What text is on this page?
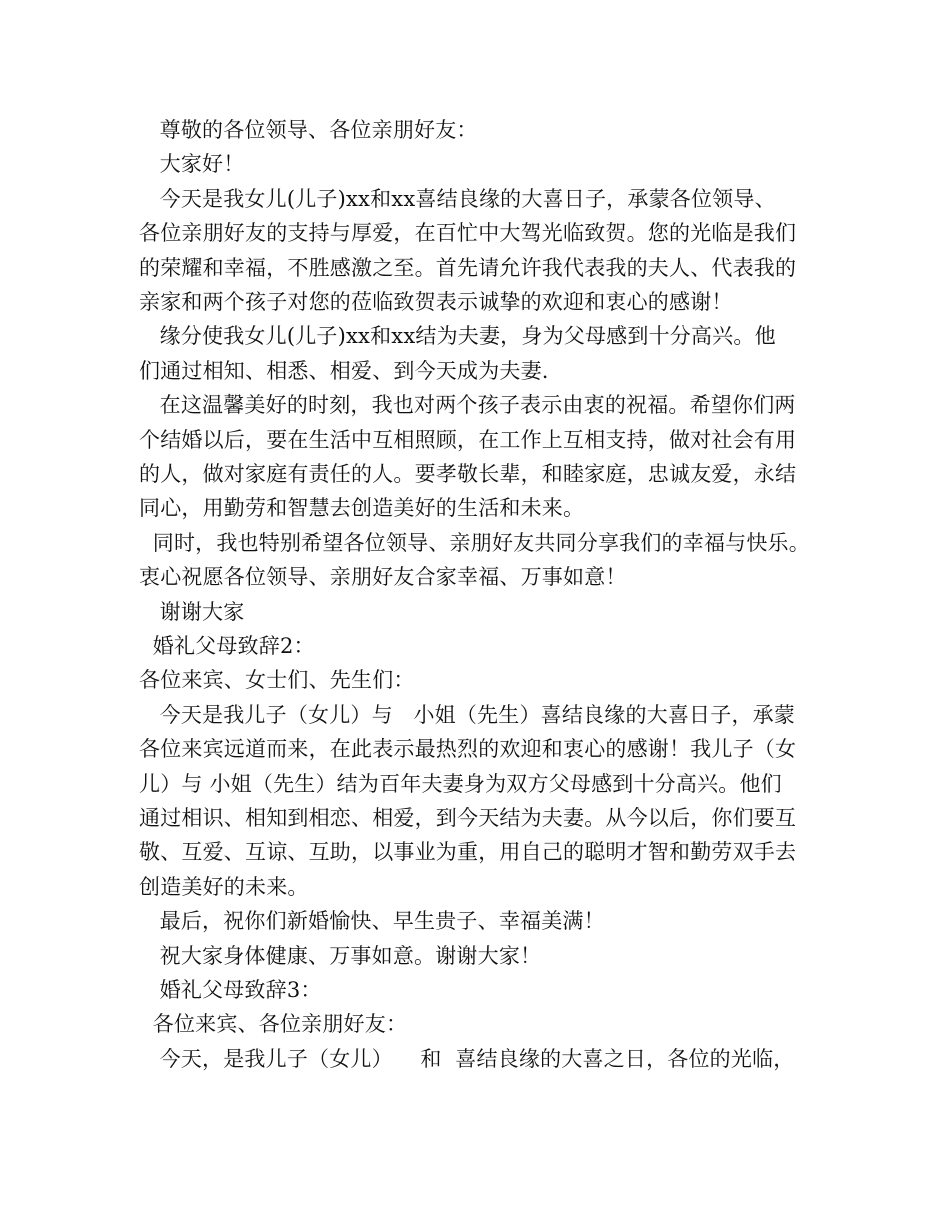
尊敬的各位领导、各位亲朋好友：
大家好！
今天是我女儿(儿子)xx和xx喜结良缘的大喜日子，承蒙各位领导、
各位亲朋好友的支持与厚爱，在百忙中大驾光临致贺。您的光临是我们
的荣耀和幸福，不胜感激之至。首先请允许我代表我的夫人、代表我的
亲家和两个孩子对您的莅临致贺表示诚挚的欢迎和衷心的感谢！
缘分使我女儿(儿子)xx和xx结为夫妻，身为父母感到十分高兴。他
们通过相知、相悉、相爱、到今天成为夫妻.
在这温馨美好的时刻，我也对两个孩子表示由衷的祝福。希望你们两
个结婚以后，要在生活中互相照顾，在工作上互相支持，做对社会有用
的人，做对家庭有责任的人。要孝敬长辈，和睦家庭，忠诚友爱，永结
同心，用勤劳和智慧去创造美好的生活和未来。
同时，我也特别希望各位领导、亲朋好友共同分享我们的幸福与快乐。
衷心祝愿各位领导、亲朋好友合家幸福、万事如意！
谢谢大家
婚礼父母致辞2：
各位来宾、女士们、先生们：
今天是我儿子（女儿）与   小姐（先生）喜结良缘的大喜日子，承蒙
各位来宾远道而来，在此表示最热烈的欢迎和衷心的感谢！我儿子（女
儿）与 小姐（先生）结为百年夫妻身为双方父母感到十分高兴。他们
通过相识、相知到相恋、相爱，到今天结为夫妻。从今以后，你们要互
敬、互爱、互谅、互助，以事业为重，用自己的聪明才智和勤劳双手去
创造美好的未来。
最后，祝你们新婚愉快、早生贵子、幸福美满！
祝大家身体健康、万事如意。谢谢大家！
婚礼父母致辞3：
各位来宾、各位亲朋好友：
今天，是我儿子（女儿）    和  喜结良缘的大喜之日，各位的光临，
